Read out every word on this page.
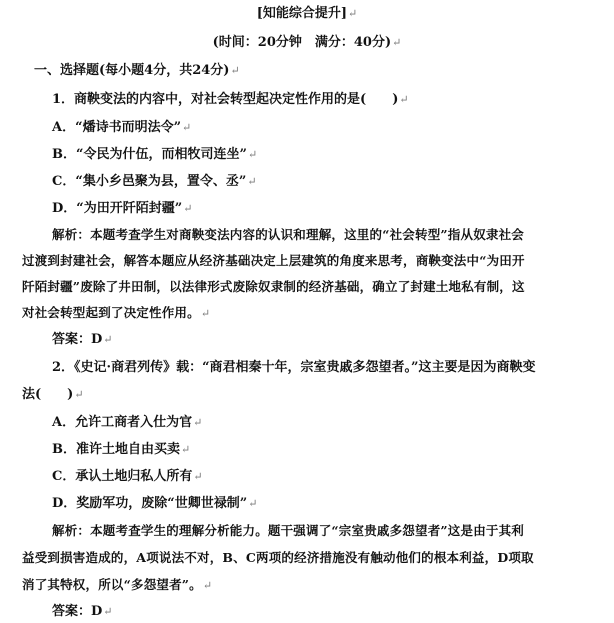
[知能综合提升]↵
(时间：20分钟　满分：40分)↵
一、选择题(每小题4分，共24分)↵
1．商鞅变法的内容中，对社会转型起决定性作用的是(　　)↵
A．“燔诗书而明法令”↵
B．“令民为什伍，而相牧司连坐”↵
C．“集小乡邑聚为县，置令、丞”↵
D．“为田开阡陌封疆”↵
解析：本题考查学生对商鞅变法内容的认识和理解，这里的“社会转型”指从奴隶社会
过渡到封建社会，解答本题应从经济基础决定上层建筑的角度来思考，商鞅变法中“为田开
阡陌封疆”废除了井田制，以法律形式废除奴隶制的经济基础，确立了封建土地私有制，这
对社会转型起到了决定性作用。↵
答案：D↵
2．《史记·商君列传》载：“商君相秦十年，宗室贵戚多怨望者。”这主要是因为商鞅变
法(　　)↵
A．允许工商者入仕为官↵
B．准许土地自由买卖↵
C．承认土地归私人所有↵
D．奖励军功，废除“世卿世禄制”↵
解析：本题考查学生的理解分析能力。题干强调了“宗室贵戚多怨望者”这是由于其利
益受到损害造成的，A项说法不对，B、C两项的经济措施没有触动他们的根本利益，D项取
消了其特权，所以“多怨望者”。↵
答案：D↵
